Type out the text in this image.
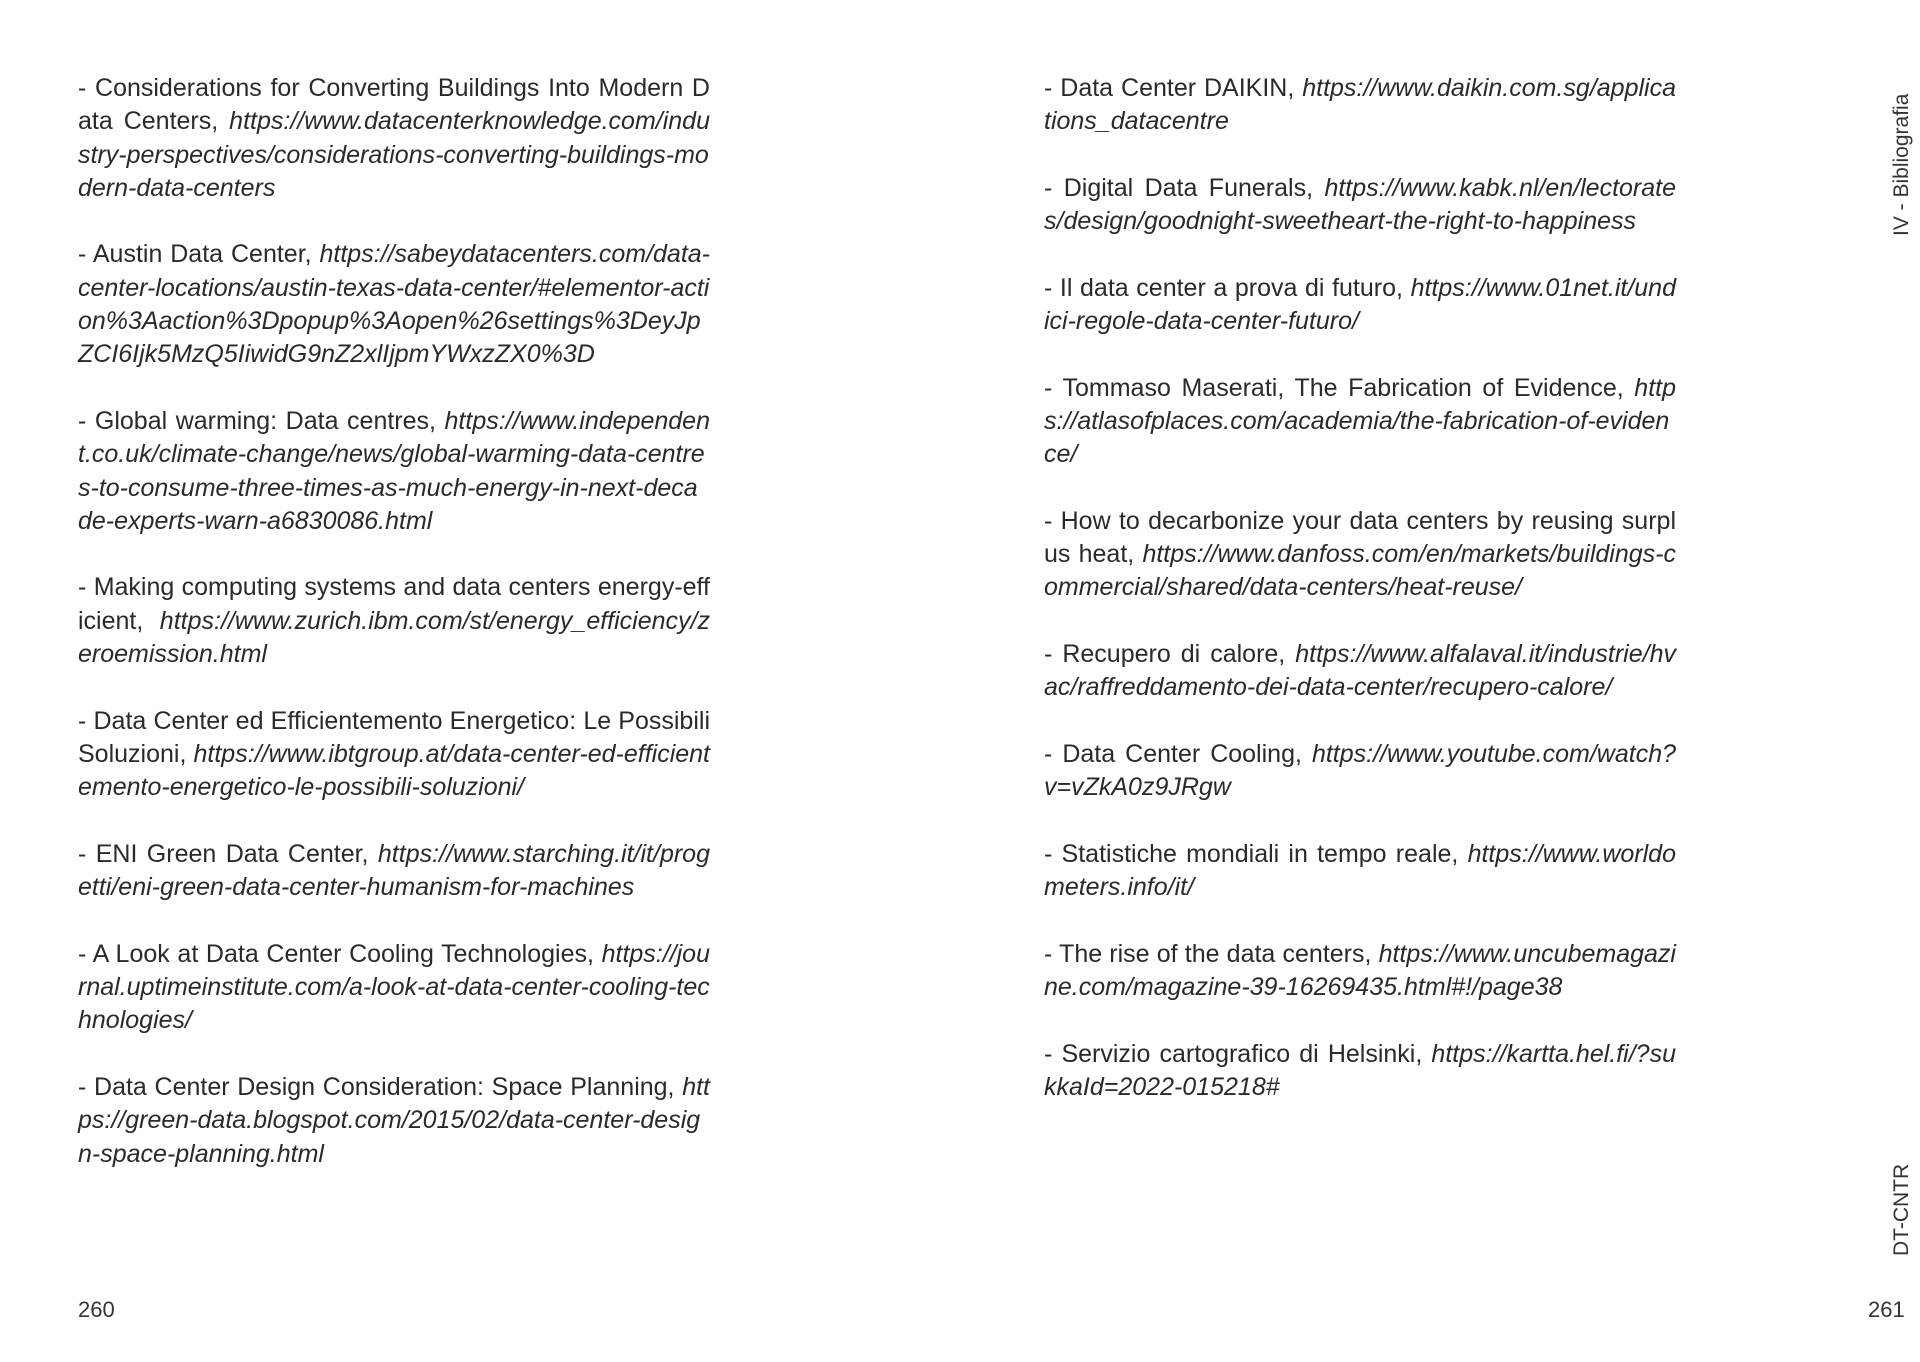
- Considerations for Converting Buildings Into Modern Data Centers, https://www.datacenterknowledge.com/industry-perspectives/considerations-converting-buildings-modern-data-centers

- Austin Data Center, https://sabeydatacenters.com/data-center-locations/austin-texas-data-center/#elementor-action%3Aaction%3Dpopup%3Aopen%26settings%3DeyJpZCI6Ijk5MzQ5IiwidG9nZ2xlIjpmYWxzZX0%3D

- Global warming: Data centres, https://www.independent.co.uk/climate-change/news/global-warming-data-centres-to-consume-three-times-as-much-energy-in-next-decade-experts-warn-a6830086.html

- Making computing systems and data centers energy-efficient, https://www.zurich.ibm.com/st/energy_efficiency/zeroemission.html

- Data Center ed Efficientemento Energetico: Le Possibili Soluzioni, https://www.ibtgroup.at/data-center-ed-efficientemento-energetico-le-possibili-soluzioni/

- ENI Green Data Center, https://www.starching.it/it/progetti/eni-green-data-center-humanism-for-machines

- A Look at Data Center Cooling Technologies, https://journal.uptimeinstitute.com/a-look-at-data-center-cooling-technologies/

- Data Center Design Consideration: Space Planning, https://green-data.blogspot.com/2015/02/data-center-design-space-planning.html

- Data Center DAIKIN, https://www.daikin.com.sg/applications_datacentre

- Digital Data Funerals, https://www.kabk.nl/en/lectorates/design/goodnight-sweetheart-the-right-to-happiness

- Il data center a prova di futuro, https://www.01net.it/undici-regole-data-center-futuro/

- Tommaso Maserati, The Fabrication of Evidence, https://atlasofplaces.com/academia/the-fabrication-of-evidence/

- How to decarbonize your data centers by reusing surplus heat, https://www.danfoss.com/en/markets/buildings-commercial/shared/data-centers/heat-reuse/

- Recupero di calore, https://www.alfalaval.it/industrie/hvac/raffreddamento-dei-data-center/recupero-calore/

- Data Center Cooling, https://www.youtube.com/watch?v=vZkA0z9JRgw

- Statistiche mondiali in tempo reale, https://www.worldometers.info/it/

- The rise of the data centers, https://www.uncubemagazine.com/magazine-39-16269435.html#!/page38

- Servizio cartografico di Helsinki, https://kartta.hel.fi/?sukkaId=2022-015218#

260	261
IV - Bibliografia
DT-CNTR
